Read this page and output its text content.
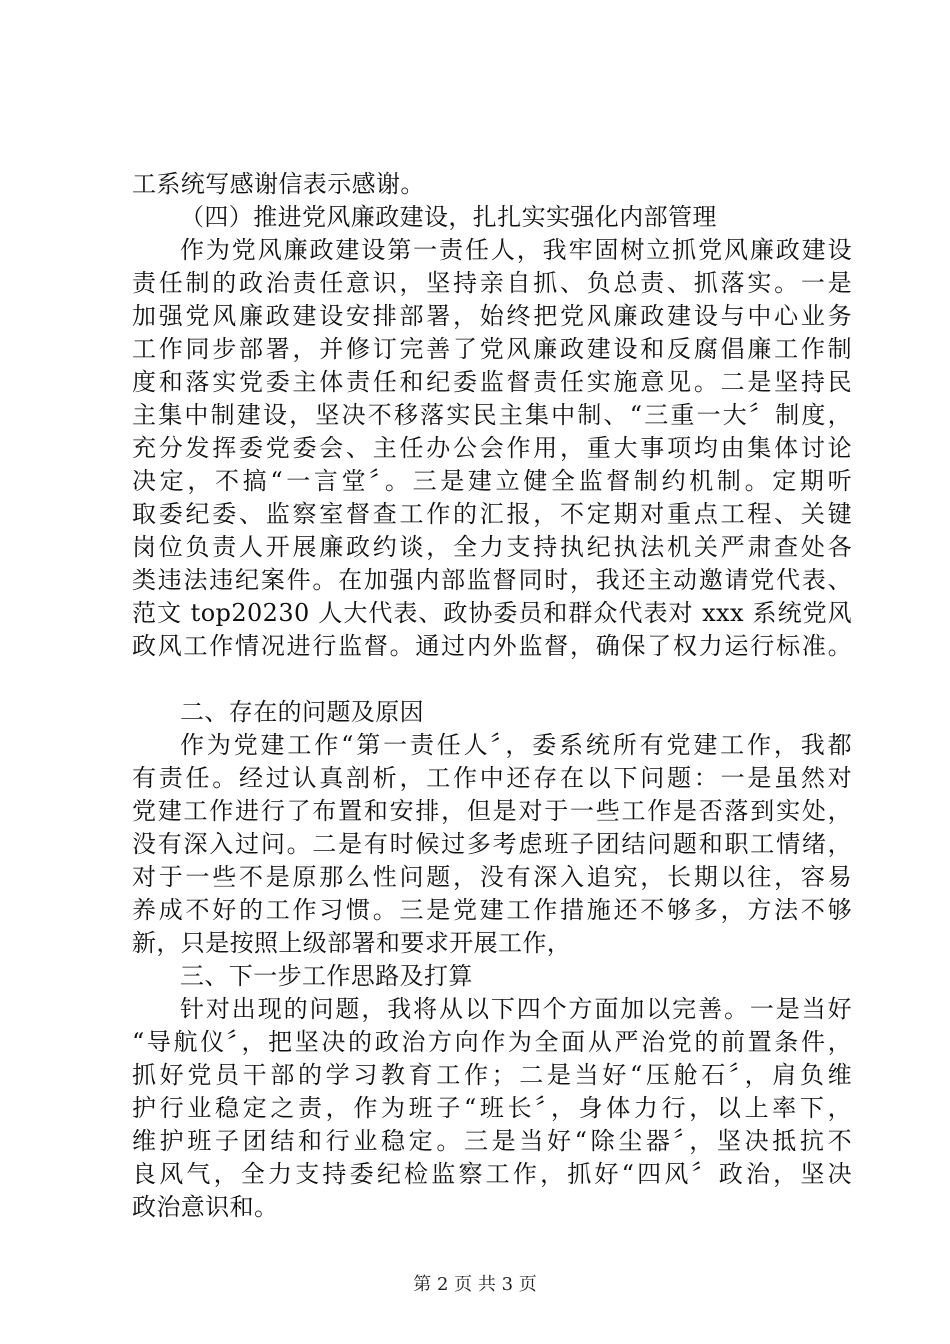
工系统写感谢信表示感谢。
（四）推进党风廉政建设，扎扎实实强化内部管理
作为党风廉政建设第一责任人，我牢固树立抓党风廉政建设
责任制的政治责任意识，坚持亲自抓、负总责、抓落实。一是
加强党风廉政建设安排部署，始终把党风廉政建设与中心业务
工作同步部署，并修订完善了党风廉政建设和反腐倡廉工作制
度和落实党委主体责任和纪委监督责任实施意见。二是坚持民
主集中制建设，坚决不移落实民主集中制、“三重一大〞制度，
充分发挥委党委会、主任办公会作用，重大事项均由集体讨论
决定，不搞“一言堂〞。三是建立健全监督制约机制。定期听
取委纪委、监察室督查工作的汇报，不定期对重点工程、关键
岗位负责人开展廉政约谈，全力支持执纪执法机关严肃查处各
类违法违纪案件。在加强内部监督同时，我还主动邀请党代表、
范文 top20230 人大代表、政协委员和群众代表对 xxx 系统党风
政风工作情况进行监督。通过内外监督，确保了权力运行标准。
二、存在的问题及原因
作为党建工作“第一责任人〞，委系统所有党建工作，我都
有责任。经过认真剖析，工作中还存在以下问题：一是虽然对
党建工作进行了布置和安排，但是对于一些工作是否落到实处，
没有深入过问。二是有时候过多考虑班子团结问题和职工情绪，
对于一些不是原那么性问题，没有深入追究，长期以往，容易
养成不好的工作习惯。三是党建工作措施还不够多，方法不够
新，只是按照上级部署和要求开展工作，
三、下一步工作思路及打算
针对出现的问题，我将从以下四个方面加以完善。一是当好
“导航仪〞，把坚决的政治方向作为全面从严治党的前置条件，
抓好党员干部的学习教育工作；二是当好“压舱石〞，肩负维
护行业稳定之责，作为班子“班长〞，身体力行，以上率下，
维护班子团结和行业稳定。三是当好“除尘器〞，坚决抵抗不
良风气，全力支持委纪检监察工作，抓好“四风〞政治，坚决
政治意识和。
第 2 页 共 3 页
